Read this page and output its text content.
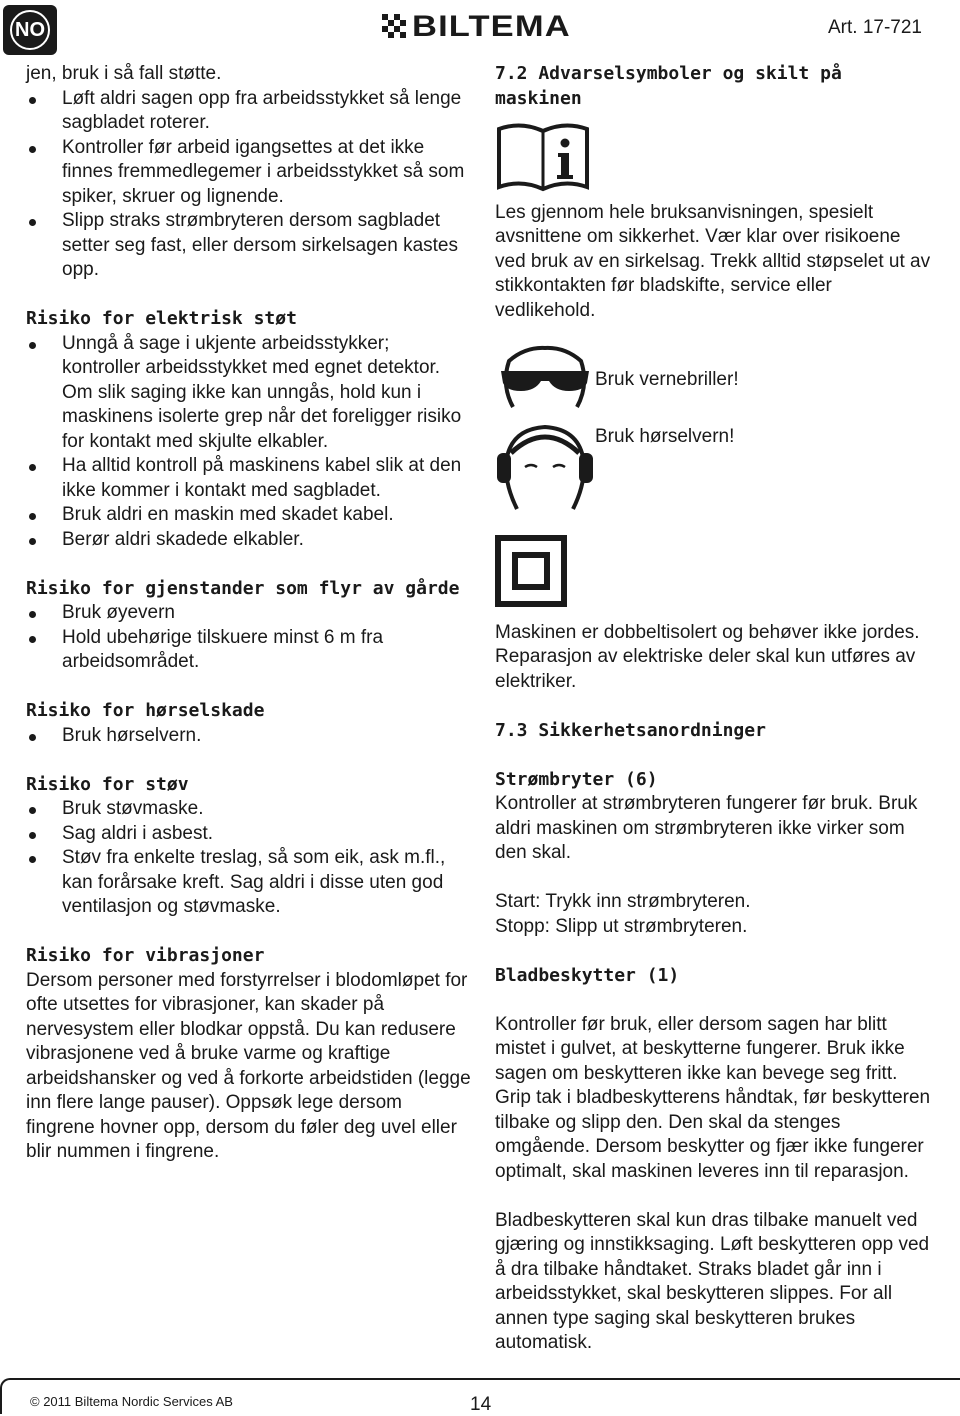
NO	BILTEMA	Art. 17-721

jen, bruk i så fall støtte.

Løft aldri sagen opp fra arbeidsstykket så lenge sagbladet roterer.
Kontroller før arbeid igangsettes at det ikke finnes fremmedlegemer i arbeidsstykket så som spiker, skruer og lignende.
Slipp straks strømbryteren dersom sagbladet setter seg fast, eller dersom sirkelsagen kastes opp.
Risiko for elektrisk støt
Unngå å sage i ukjente arbeidsstykker; kontroller arbeidsstykket med egnet detektor. Om slik saging ikke kan unngås, hold kun i maskinens isolerte grep når det foreligger risiko for kontakt med skjulte elkabler.
Ha alltid kontroll på maskinens kabel slik at den ikke kommer i kontakt med sagbladet.
Bruk aldri en maskin med skadet kabel.
Berør aldri skadede elkabler.
Risiko for gjenstander som flyr av gårde
Bruk øyevern
Hold ubehørige tilskuere minst 6 m fra arbeidsområdet.
Risiko for hørselskade
Bruk hørselvern.
Risiko for støv
Bruk støvmaske.
Sag aldri i asbest.
Støv fra enkelte treslag, så som eik, ask m.fl., kan forårsake kreft. Sag aldri i disse uten god ventilasjon og støvmaske.
Risiko for vibrasjoner

Dersom personer med forstyrrelser i blodomløpet for ofte utsettes for vibrasjoner, kan skader på nervesystem eller blodkar oppstå. Du kan redusere vibrasjonene ved å bruke varme og kraftige arbeidshansker og ved å forkorte arbeidstiden (legge inn flere lange pauser). Oppsøk lege dersom fingrene hovner opp, dersom du føler deg uvel eller blir nummen i fingrene.

7.2 Advarselsymboler og skilt på maskinen

Les gjennom hele bruksanvisningen, spesielt avsnittene om sikkerhet. Vær klar over risikoene ved bruk av en sirkelsag. Trekk alltid støpselet ut av stikkontakten før bladskifte, service eller vedlikehold.

Bruk vernebriller!
Bruk hørselvern!

Maskinen er dobbeltisolert og behøver ikke jordes. Reparasjon av elektriske deler skal kun utføres av elektriker.

7.3 Sikkerhetsanordninger
Strømbryter (6)

Kontroller at strømbryteren fungerer før bruk. Bruk aldri maskinen om strømbryteren ikke virker som den skal.

Start: Trykk inn strømbryteren.

Stopp: Slipp ut strømbryteren.

Bladbeskytter (1)

Kontroller før bruk, eller dersom sagen har blitt mistet i gulvet, at beskytterne fungerer. Bruk ikke sagen om beskytteren ikke kan bevege seg fritt. Grip tak i bladbeskytterens håndtak, før beskytteren tilbake og slipp den. Den skal da stenges omgående. Dersom beskytter og fjær ikke fungerer optimalt, skal maskinen leveres inn til reparasjon.

Bladbeskytteren skal kun dras tilbake manuelt ved gjæring og innstikksaging. Løft beskytteren opp ved å dra tilbake håndtaket. Straks bladet går inn i arbeidsstykket, skal beskytteren slippes. For all annen type saging skal beskytteren brukes automatisk.

© 2011 Biltema Nordic Services AB	14
